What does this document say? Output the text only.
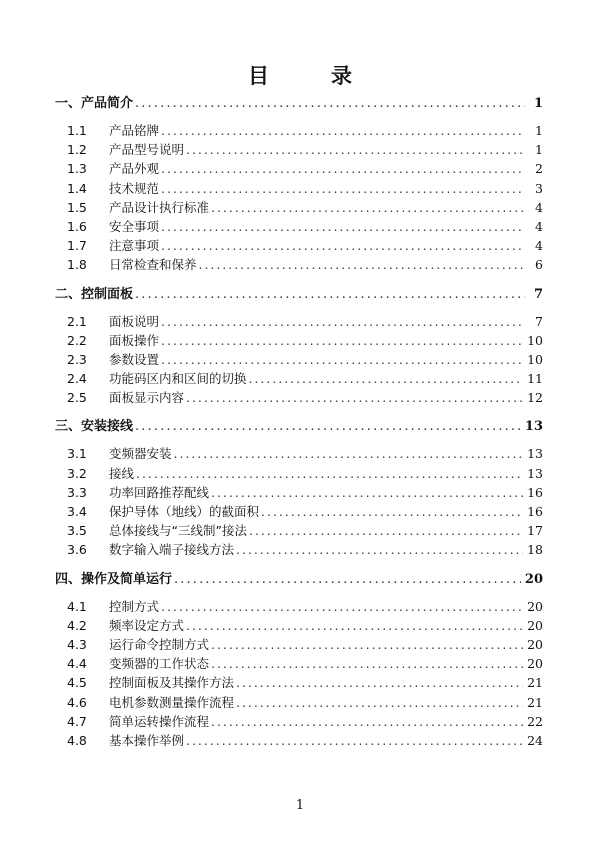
目	录
一、产品简介 . . .	1
1.1	产品铭牌 . . .	1
1.2	产品型号说明 . . .	1
1.3	产品外观 . . .	2
1.4	技术规范 . . .	3
1.5	产品设计执行标准 . . .	4
1.6	安全事项 . . .	4
1.7	注意事项 . . .	4
1.8	日常检查和保养 . . .	6
二、控制面板 . . .	7
2.1	面板说明 . . .	7
2.2	面板操作 . . .	10
2.3	参数设置 . . .	10
2.4	功能码区内和区间的切换 . . .	11
2.5	面板显示内容 . . .	12
三、安装接线 . . .	13
3.1	变频器安装 . . .	13
3.2	接线 . . .	13
3.3	功率回路推荐配线 . . .	16
3.4	保护导体（地线）的截面积 . . .	16
3.5	总体接线与“三线制”接法 . . .	17
3.6	数字输入端子接线方法 . . .	18
四、操作及简单运行 . . .	20
4.1	控制方式 . . .	20
4.2	频率设定方式 . . .	20
4.3	运行命令控制方式 . . .	20
4.4	变频器的工作状态 . . .	20
4.5	控制面板及其操作方法 . . .	21
4.6	电机参数测量操作流程 . . .	21
4.7	简单运转操作流程 . . .	22
4.8	基本操作举例 . . .	24
1
